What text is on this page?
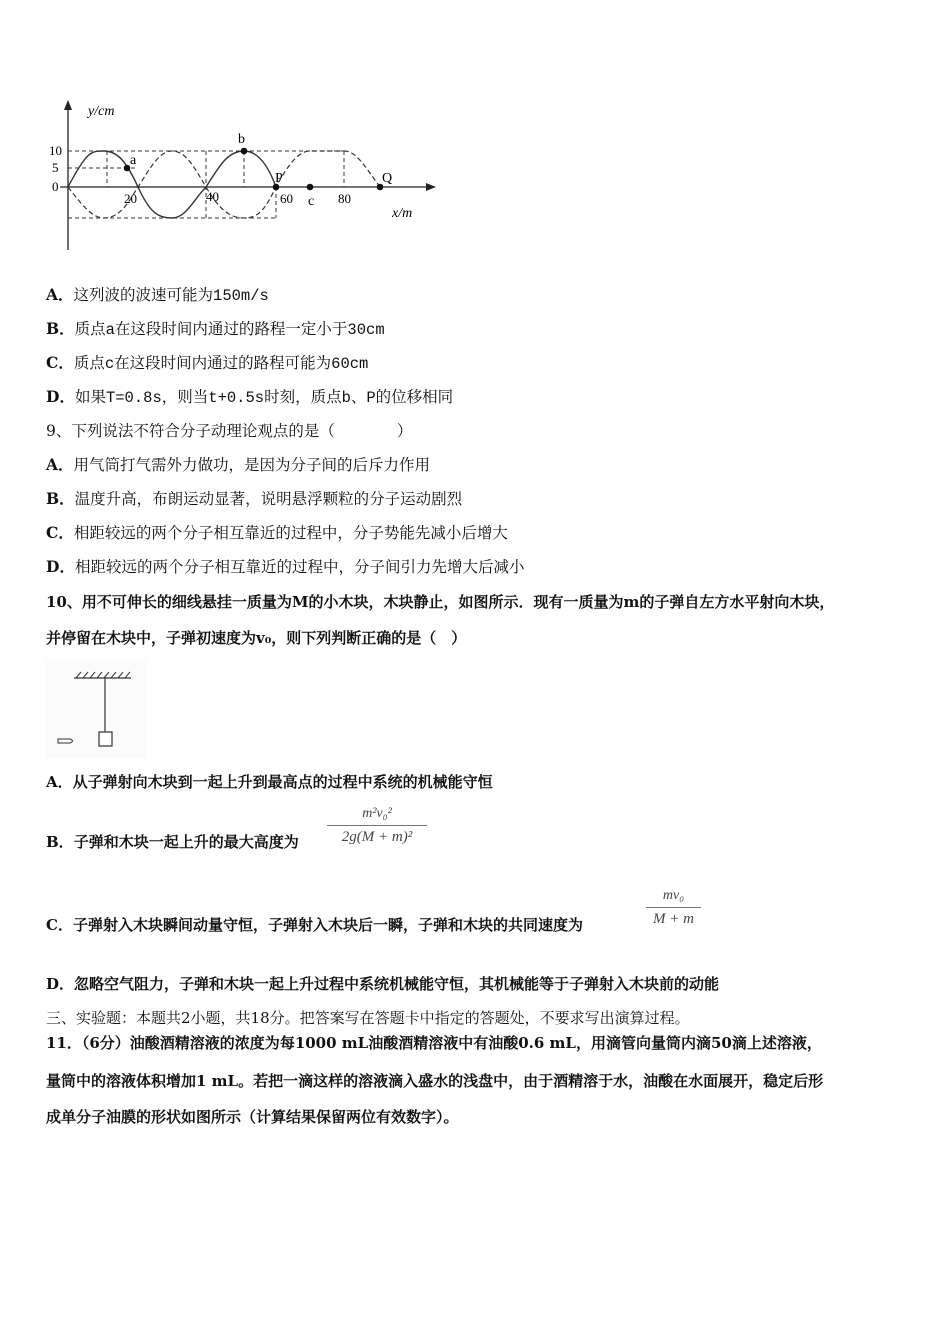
y/cm
x/m
10
5
0
20	40	60	80
a
b
P
c
Q
A．这列波的波速可能为150m/s
B．质点a在这段时间内通过的路程一定小于30cm
C．质点c在这段时间内通过的路程可能为60cm
D．如果T=0.8s，则当t+0.5s时刻，质点b、P的位移相同
9、下列说法不符合分子动理论观点的是（　　　　）
A．用气筒打气需外力做功，是因为分子间的后斥力作用
B．温度升高，布朗运动显著，说明悬浮颗粒的分子运动剧烈
C．相距较远的两个分子相互靠近的过程中，分子势能先减小后增大
D．相距较远的两个分子相互靠近的过程中，分子间引力先增大后减小
10、用不可伸长的细线悬挂一质量为M的小木块，木块静止，如图所示．现有一质量为m的子弹自左方水平射向木块，
并停留在木块中，子弹初速度为v₀，则下列判断正确的是（　）
A．从子弹射向木块到一起上升到最高点的过程中系统的机械能守恒
B．子弹和木块一起上升的最大高度为
m²v₀²
2g(M + m)²
C．子弹射入木块瞬间动量守恒，子弹射入木块后一瞬，子弹和木块的共同速度为
mv₀
M + m
D．忽略空气阻力，子弹和木块一起上升过程中系统机械能守恒，其机械能等于子弹射入木块前的动能
三、实验题：本题共2小题，共18分。把答案写在答题卡中指定的答题处，不要求写出演算过程。
11．（6分）油酸酒精溶液的浓度为每1000 mL油酸酒精溶液中有油酸0.6 mL，用滴管向量筒内滴50滴上述溶液，
量筒中的溶液体积增加1 mL。若把一滴这样的溶液滴入盛水的浅盘中，由于酒精溶于水，油酸在水面展开，稳定后形
成单分子油膜的形状如图所示（计算结果保留两位有效数字）。
